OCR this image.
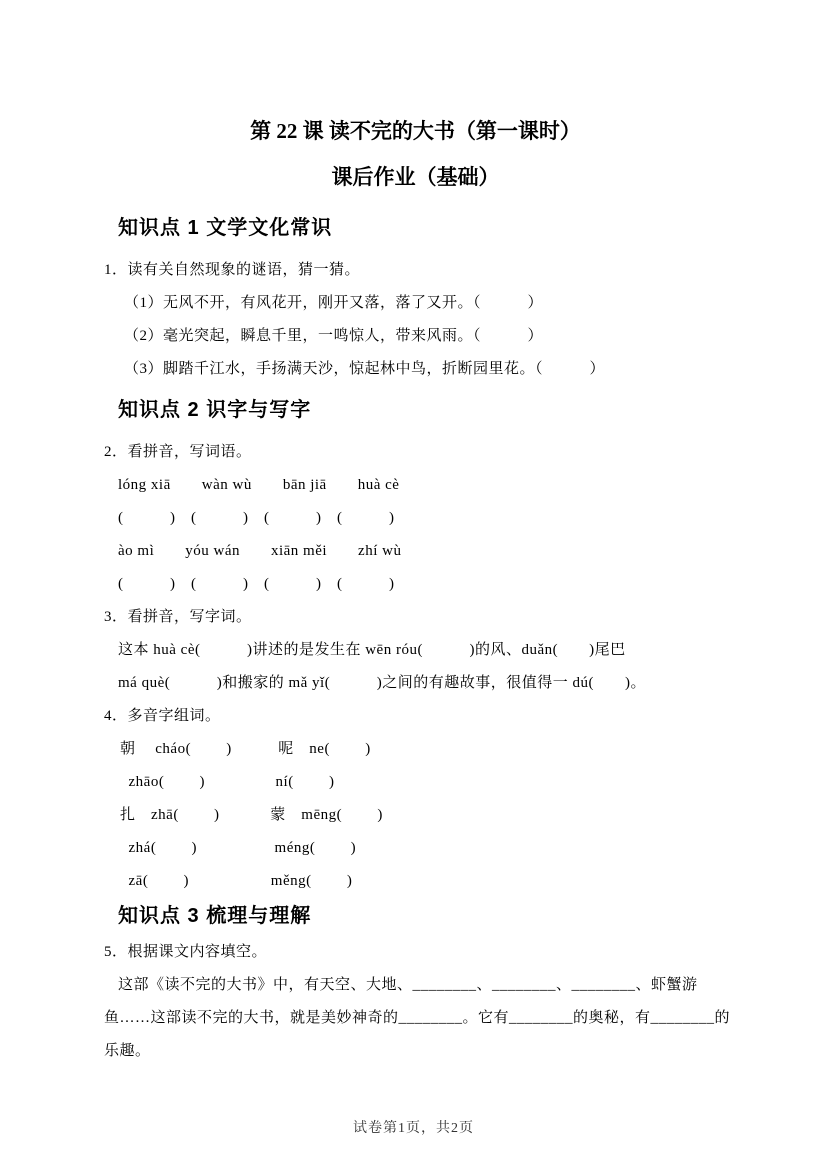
第 22 课 读不完的大书（第一课时）
课后作业（基础）
知识点 1 文学文化常识
1．读有关自然现象的谜语，猜一猜。
（1）无风不开，有风花开，刚开又落，落了又开。（　　　）
（2）毫光突起，瞬息千里，一鸣惊人，带来风雨。（　　　）
（3）脚踏千江水，手扬满天沙，惊起林中鸟，折断园里花。（　　　）
知识点 2 识字与写字
2．看拼音，写词语。
lóng xiā　　wàn wù　　bān jiā　　huà cè
(　　　)　(　　　)　(　　　)　(　　　)
ào mì　　yóu wán　　xiān měi　　zhí wù
(　　　)　(　　　)　(　　　)　(　　　)
3．看拼音，写字词。
这本 huà cè(　　　)讲述的是发生在 wēn róu(　　　)的风、duǎn(　　)尾巴
má què(　　　)和搬家的 mǎ yǐ(　　　)之间的有趣故事，很值得一 dú(　　)。
4．多音字组词。
朝　 cháo(　　 )　　　呢　ne(　　 )
zhāo(　　 )　　　　  ní(　　 )
扎　zhā(　　 )　　　 蒙　mēng(　　 )
zhá(　　 )　　　　　méng(　　 )
zā(　　 )　　　　　 měng(　　 )
知识点 3 梳理与理解
5．根据课文内容填空。
这部《读不完的大书》中，有天空、大地、________、________、________、虾蟹游
鱼……这部读不完的大书，就是美妙神奇的________。它有________的奥秘，有________的
乐趣。
试卷第1页，共2页
